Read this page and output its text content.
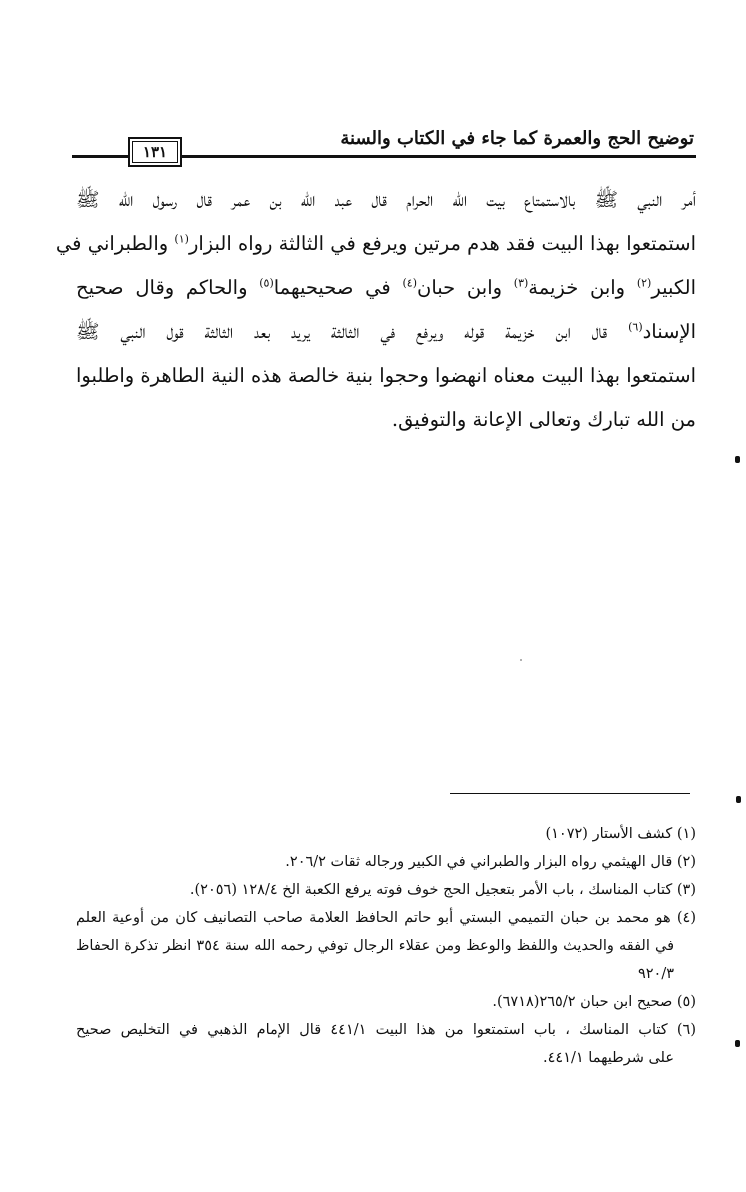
توضيح الحج والعمرة كما جاء في الكتاب والسنة
١٣١
أمر النبي ﷺ بالاستمتاع بيت الله الحرام قال عبد الله بن عمر قال رسول الله ﷺ
استمتعوا بهذا البيت فقد هدم مرتين ويرفع في الثالثة رواه البزار$^{(١)}$ والطبراني في
الكبير$^{(٢)}$ وابن خزيمة$^{(٣)}$ وابن حبان$^{(٤)}$ في صحيحيهما$^{(٥)}$ والحاكم وقال صحيح
الإسناد$^{(٦)}$ قال ابن خزيمة قوله ويرفع في الثالثة يريد بعد الثالثة قول النبي ﷺ
استمتعوا بهذا البيت معناه انهضوا وحجوا بنية خالصة هذه النية الطاهرة واطلبوا
من الله تبارك وتعالى الإعانة والتوفيق.
(١) كشف الأستار (١٠٧٢)
(٢) قال الهيثمي رواه البزار والطبراني في الكبير ورجاله ثقات ٢٠٦/٢.
(٣) كتاب المناسك ، باب الأمر بتعجيل الحج خوف فوته يرفع الكعبة الخ ١٢٨/٤ (٢٠٥٦).
(٤) هو محمد بن حبان التميمي البستي أبو حاتم الحافظ العلامة صاحب التصانيف كان من أوعية العلم
في الفقه والحديث واللفظ والوعظ ومن عقلاء الرجال توفي رحمه الله سنة ٣٥٤ انظر تذكرة الحفاظ
٩٢٠/٣
(٥) صحيح ابن حبان ٢٦٥/٢(٦٧١٨).
(٦) كتاب المناسك ، باب استمتعوا من هذا البيت ٤٤١/١ قال الإمام الذهبي في التخليص صحيح
على شرطيهما ٤٤١/١.
